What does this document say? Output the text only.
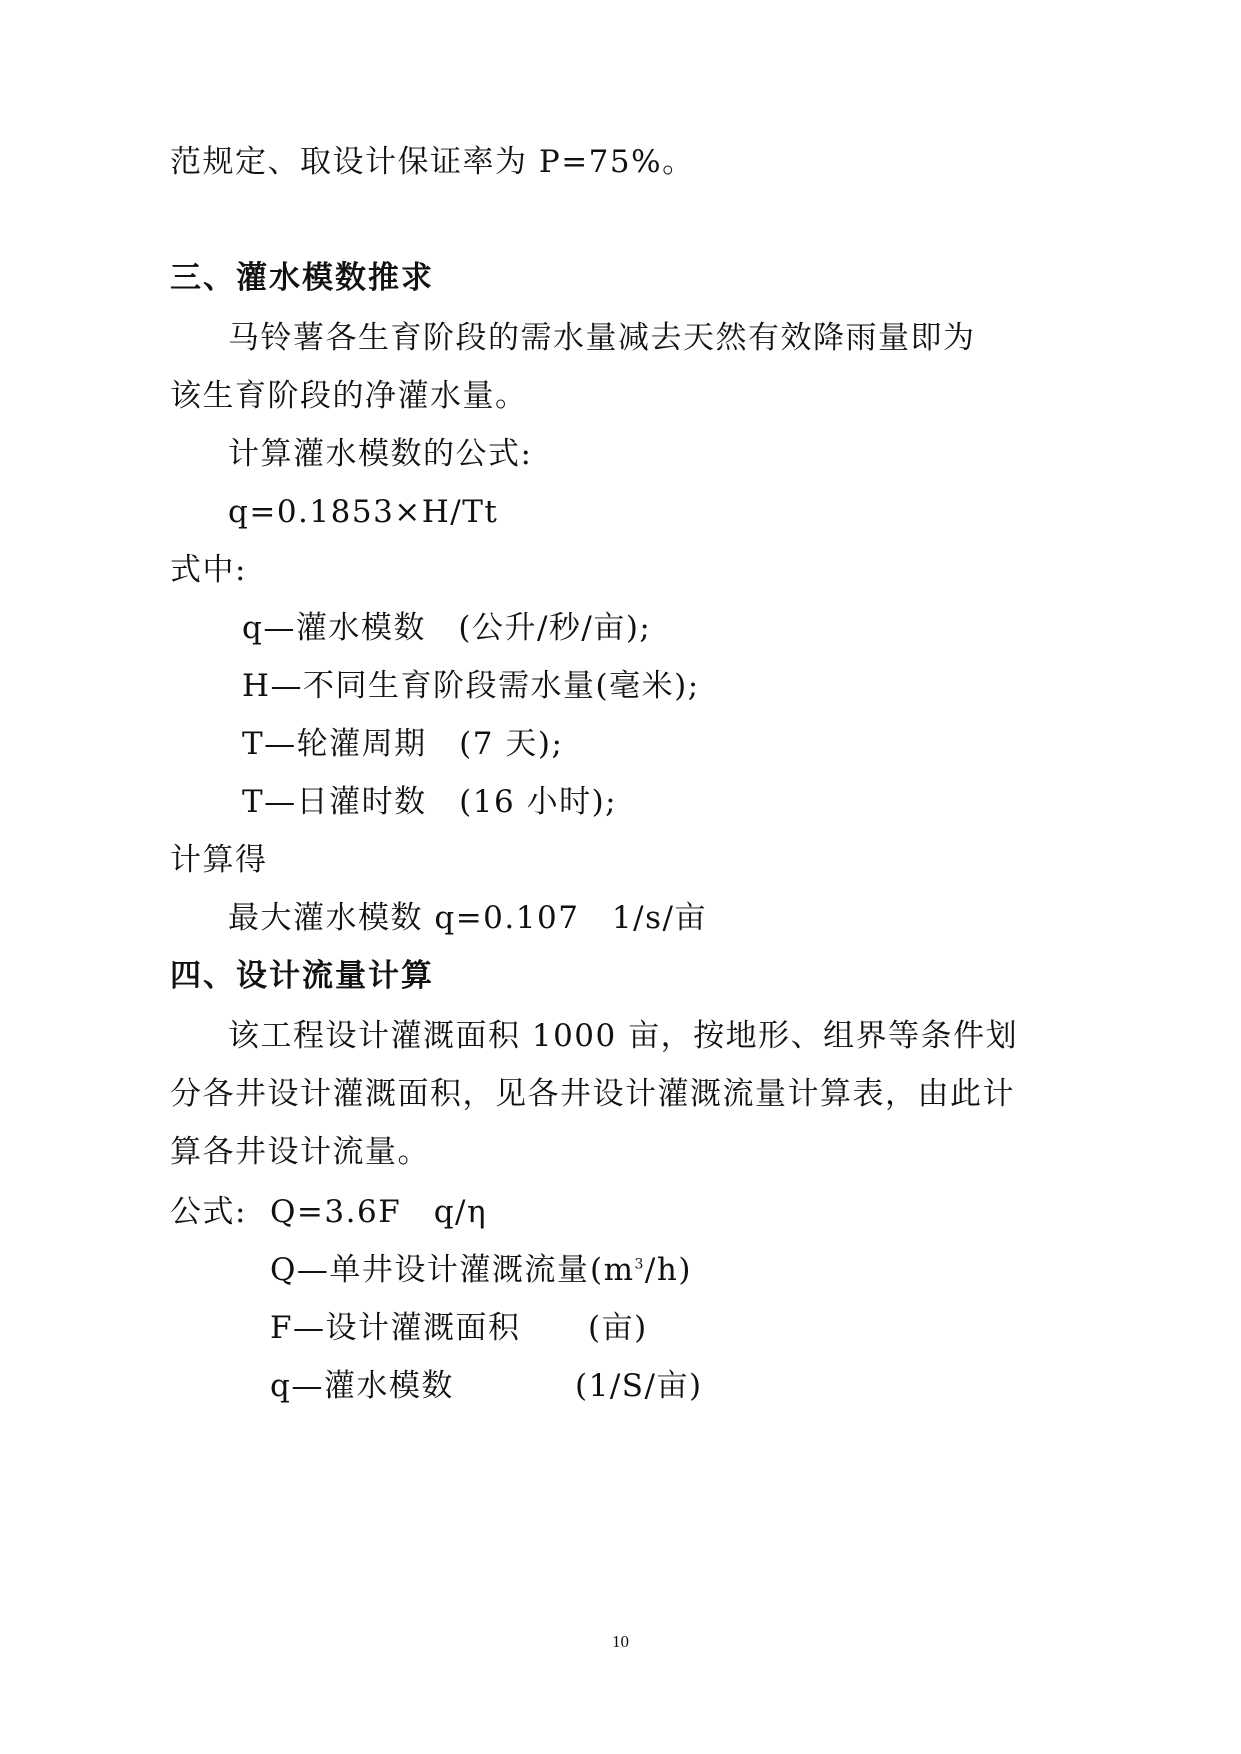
范规定、取设计保证率为 P=75%。
三、灌水模数推求
马铃薯各生育阶段的需水量减去天然有效降雨量即为
该生育阶段的净灌水量。
计算灌水模数的公式:
q=0.1853×H/Tt
式中:
q—灌水模数　(公升/秒/亩);
H—不同生育阶段需水量(毫米);
T—轮灌周期　(7 天);
T—日灌时数　(16 小时);
计算得
最大灌水模数 q=0.107　1/s/亩
四、设计流量计算
该工程设计灌溉面积 1000 亩，按地形、组界等条件划
分各井设计灌溉面积，见各井设计灌溉流量计算表，由此计
算各井设计流量。
公式: Q=3.6F　q/η
Q—单井设计灌溉流量 $(m^3/h)$
F—设计灌溉面积 (亩)
q—灌水模数	(1/S/亩)
10
